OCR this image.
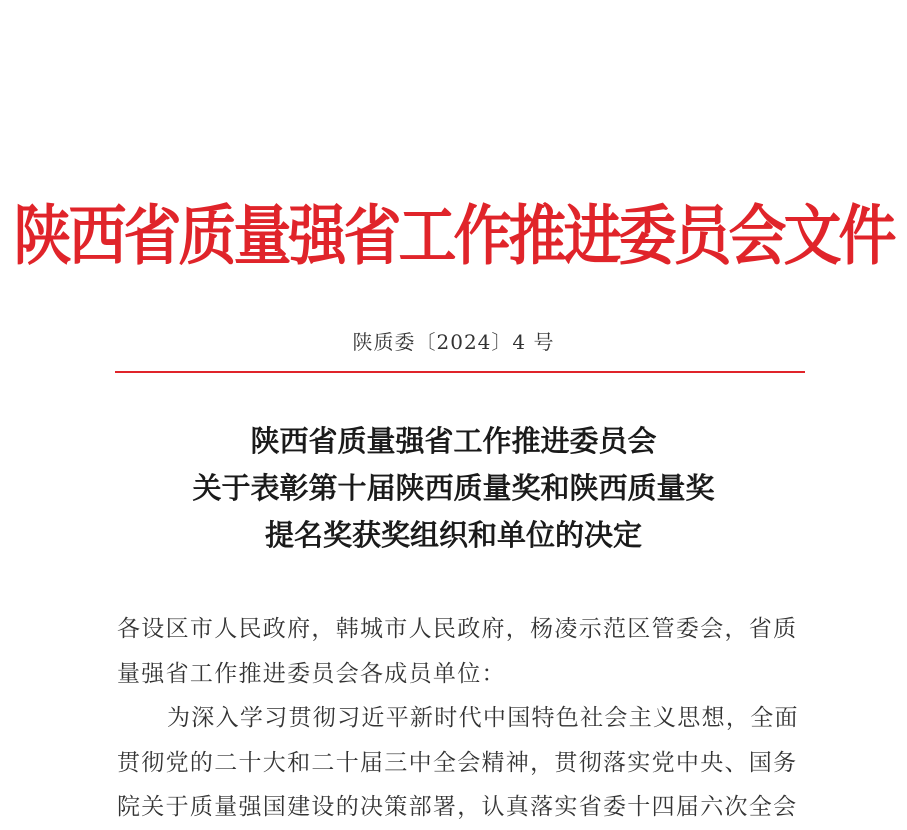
陕西省质量强省工作推进委员会文件
陕质委〔2024〕4 号
陕西省质量强省工作推进委员会
关于表彰第十届陕西质量奖和陕西质量奖
提名奖获奖组织和单位的决定
各设区市人民政府，韩城市人民政府，杨凌示范区管委会，省质
量强省工作推进委员会各成员单位：
为深入学习贯彻习近平新时代中国特色社会主义思想，全面
贯彻党的二十大和二十届三中全会精神，贯彻落实党中央、国务
院关于质量强国建设的决策部署，认真落实省委十四届六次全会
